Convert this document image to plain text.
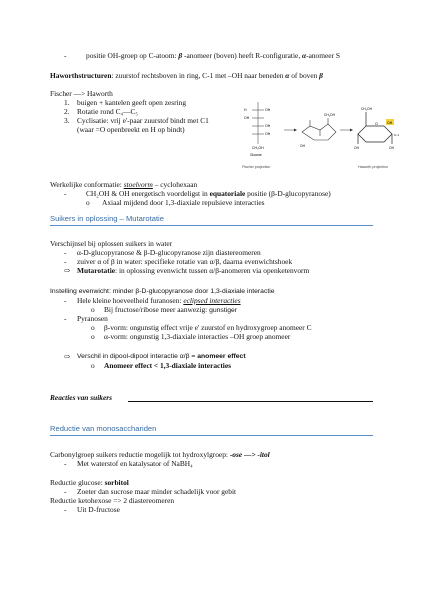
-	positie OH-groep op C-atoom: β -anomeer (boven) heeft R-configuratie, α-anomeer S
Haworthstructuren: zuurstof rechtsboven in ring, C-1 met –OH naar beneden α of boven β
Fischer —> Haworth
1. buigen + kantelen geeft open zesring
2. Rotatie rond C₄—C₅
3. Cyclisatie: vrij e'-paar zuurstof bindt met C1
(waar =O openbreekt en H op bindt)
H	OH
OH
OH
OH
CH₂OH
Glucose
Fischer projection
CH₂OH
OH
OH
O
CH₂OH
OH
OH
C-1
Haworth projection
Werkelijke conformatie: stoelvorm – cyclohexaan
-	CH₂OH & OH energetisch voordeligst in equatoriale positie (β-D-glucopyranose)
o Axiaal mijdend door 1,3-diaxiale repulsieve interacties
Suikers in oplossing – Mutarotatie
Verschijnsel bij oplossen suikers in water
- α-D-glucopyranose & β-D-glucopyranose zijn diastereomeren
- zuiver α of β in water: specifieke rotatie van α/β, daarna evenwichtshoek
⇨ Mutarotatie: in oplossing evenwicht tussen α/β-anomeren via openketenvorm
Instelling evenwicht: minder β-D-glucopyranose door 1,3-diaxiale interactie
- Hele kleine hoeveelheid furanosen: eclipsed interacties
o Bij fructose/ribose meer aanwezig: gunstiger
- Pyranosen
o β-vorm: ongunstig effect vrije e' zuurstof en hydroxygroep anomeer C
o α-vorm: ongunstig 1,3-diaxiale interacties –OH groep anomeer
⇨ Verschil in dipool-dipool interactie α/β = anomeer effect
o Anomeer effect < 1,3-diaxiale interacties
Reacties van suikers
Reductie van monosacchariden
Carbonylgroep suikers reductie mogelijk tot hydroxylgroep: -ose —> -itol
- Met waterstof en katalysator of NaBH₄
Reductie glucose: sorbitol
- Zoeter dan sucrose maar minder schadelijk voor gebit
Reductie ketohexose => 2 diastereomeren
- Uit D-fructose
